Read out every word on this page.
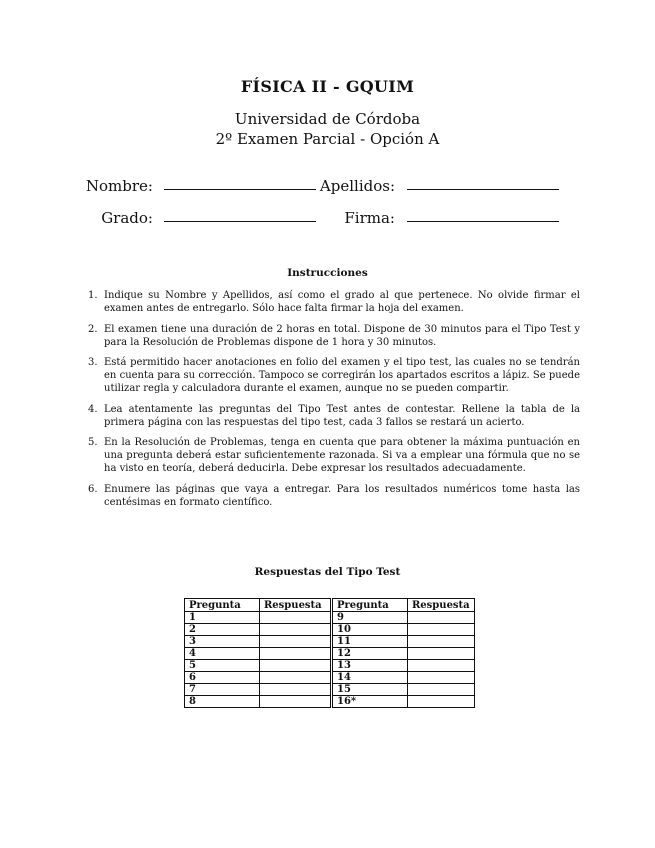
FÍSICA II - GQUIM
Universidad de Córdoba
2º Examen Parcial - Opción A
Nombre:	Apellidos:
Grado:	Firma:
Instrucciones
1. Indique su Nombre y Apellidos, así como el grado al que pertenece. No olvide firmar el examen antes de entregarlo. Sólo hace falta firmar la hoja del examen.
2. El examen tiene una duración de 2 horas en total. Dispone de 30 minutos para el Tipo Test y para la Resolución de Problemas dispone de 1 hora y 30 minutos.
3. Está permitido hacer anotaciones en folio del examen y el tipo test, las cuales no se tendrán en cuenta para su corrección. Tampoco se corregirán los apartados escritos a lápiz. Se puede utilizar regla y calculadora durante el examen, aunque no se pueden compartir.
4. Lea atentamente las preguntas del Tipo Test antes de contestar. Rellene la tabla de la primera página con las respuestas del tipo test, cada 3 fallos se restará un acierto.
5. En la Resolución de Problemas, tenga en cuenta que para obtener la máxima puntuación en una pregunta deberá estar suficientemente razonada. Si va a emplear una fórmula que no se ha visto en teoría, deberá deducirla. Debe expresar los resultados adecuadamente.
6. Enumere las páginas que vaya a entregar. Para los resultados numéricos tome hasta las centésimas en formato científico.
Respuestas del Tipo Test
Pregunta	Respuesta	Pregunta	Respuesta
1		9	
2		10	
3		11	
4		12	
5		13	
6		14	
7		15	
8		16*	
